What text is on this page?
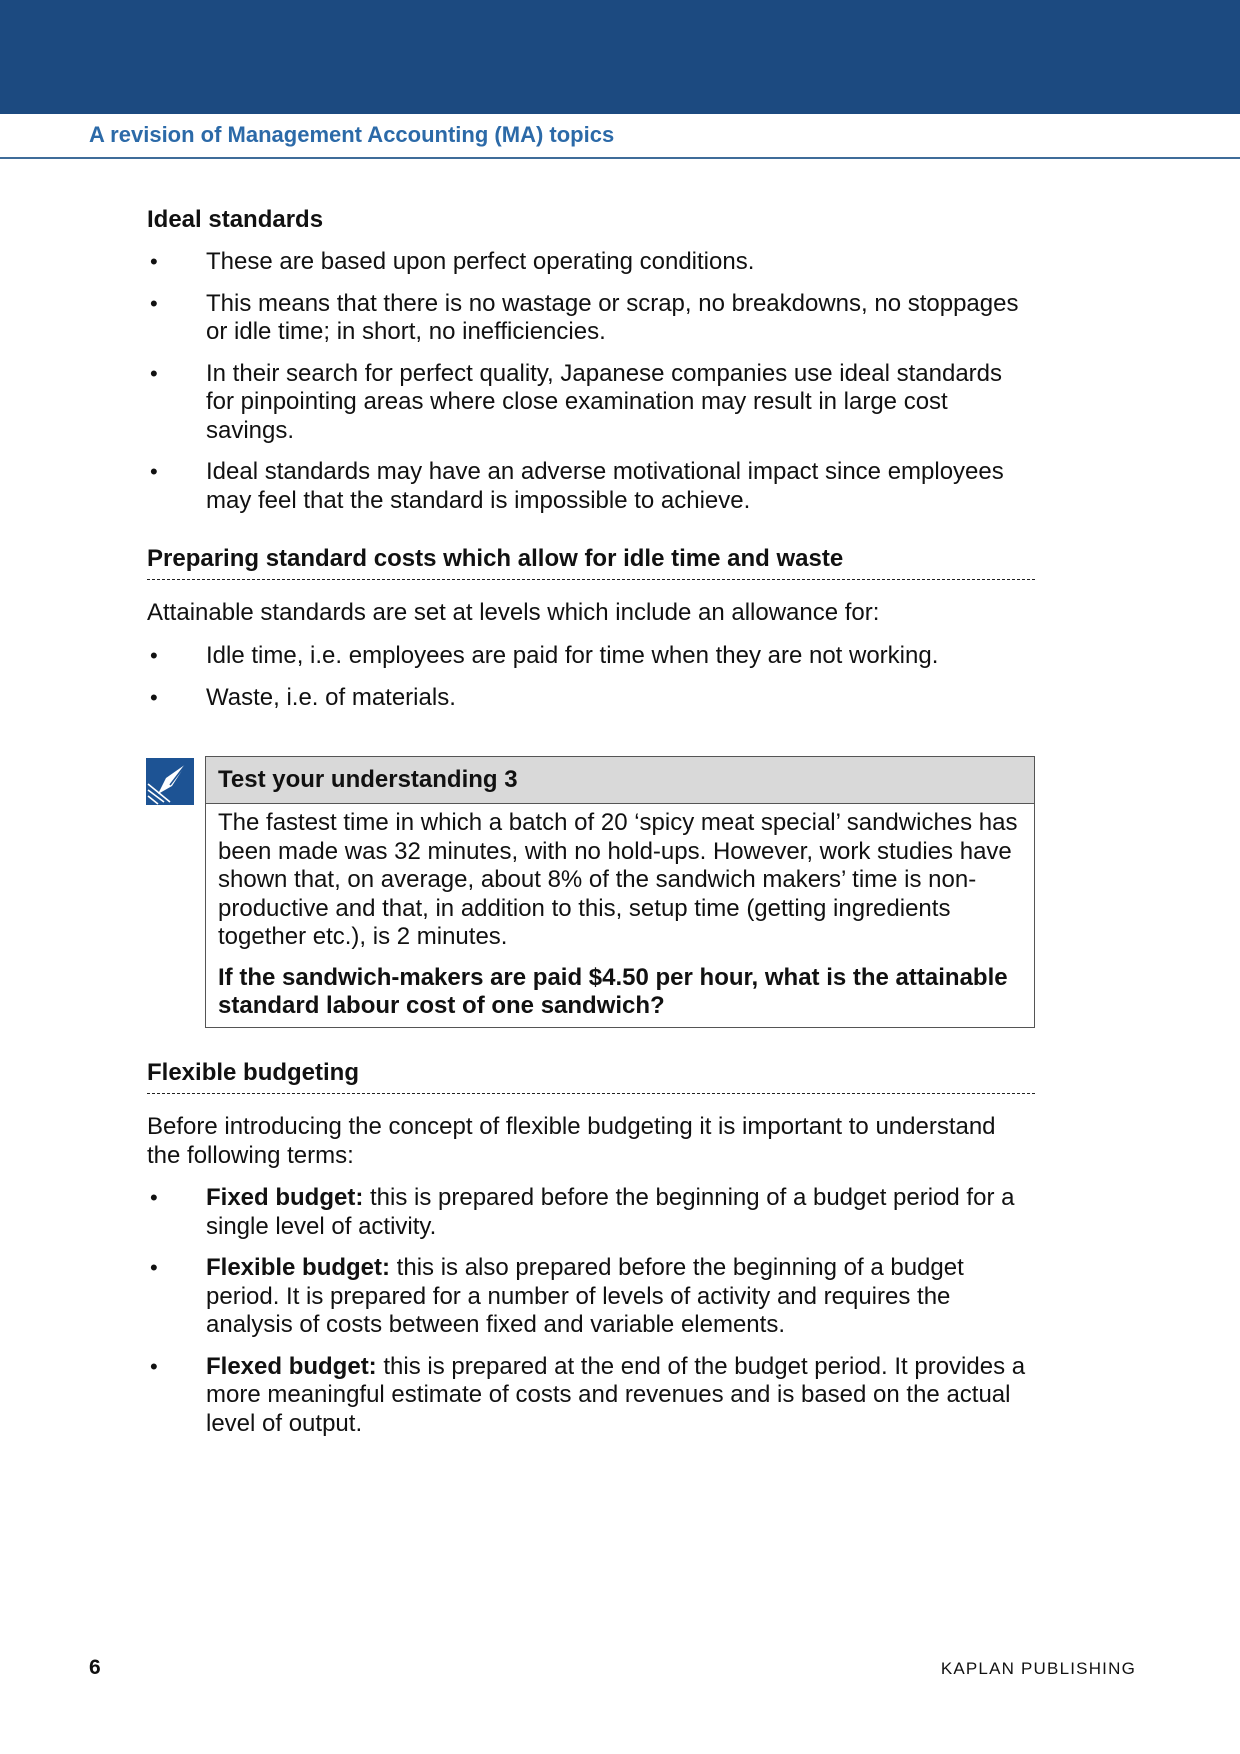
A revision of Management Accounting (MA) topics
Ideal standards
• These are based upon perfect operating conditions.
• This means that there is no wastage or scrap, no breakdowns, no stoppages or idle time; in short, no inefficiencies.
• In their search for perfect quality, Japanese companies use ideal standards for pinpointing areas where close examination may result in large cost savings.
• Ideal standards may have an adverse motivational impact since employees may feel that the standard is impossible to achieve.
Preparing standard costs which allow for idle time and waste

Attainable standards are set at levels which include an allowance for:

• Idle time, i.e. employees are paid for time when they are not working.
• Waste, i.e. of materials.
Test your understanding 3

The fastest time in which a batch of 20 ‘spicy meat special’ sandwiches has been made was 32 minutes, with no hold-ups. However, work studies have shown that, on average, about 8% of the sandwich makers’ time is non-productive and that, in addition to this, setup time (getting ingredients together etc.), is 2 minutes.

If the sandwich-makers are paid $4.50 per hour, what is the attainable standard labour cost of one sandwich?

Flexible budgeting

Before introducing the concept of flexible budgeting it is important to understand the following terms:

• Fixed budget: this is prepared before the beginning of a budget period for a single level of activity.
• Flexible budget: this is also prepared before the beginning of a budget period. It is prepared for a number of levels of activity and requires the analysis of costs between fixed and variable elements.
• Flexed budget: this is prepared at the end of the budget period. It provides a more meaningful estimate of costs and revenues and is based on the actual level of output.
6	KAPLAN PUBLISHING
